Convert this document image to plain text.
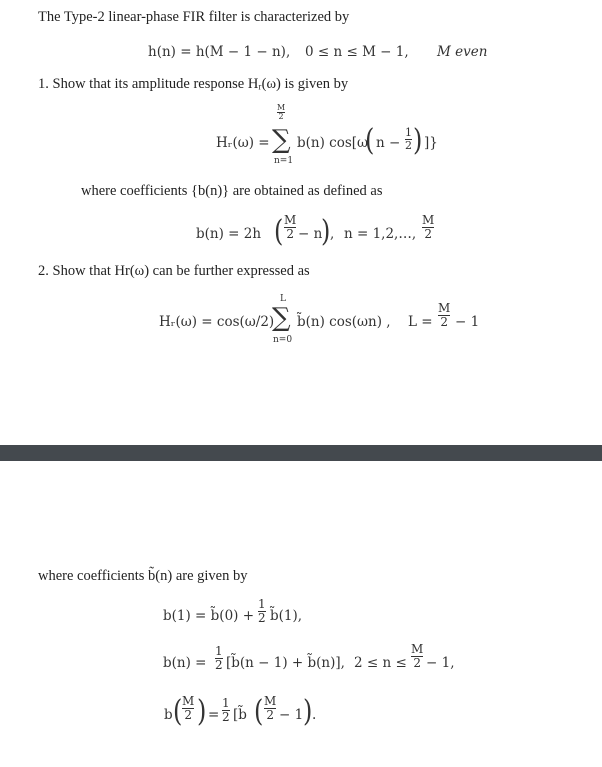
The Type-2 linear-phase FIR filter is characterized by
h(n) = h(M − 1 − n), 0 ≤ n ≤ M − 1, M even
1. Show that its amplitude response Hᵣ(ω) is given by
Hᵣ(ω) =
M
2
∑
n=1
b(n) cos[ω
( n −
1
2 ) ]}
where coefficients {b(n)} are obtained as defined as
b(n) = 2h ( M
2 − n
) , n = 1,2,…,
M
2
2. Show that Hr(ω) can be further expressed as
Hᵣ(ω) = cos(ω/2)
L
∑
n=0
b̃(n) cos(ωn) , L =
M
2 − 1
where coefficients b̃(n) are given by
b(1) = b̃(0) +
1
2 b̃(1),
b(n) =
1
2 [b̃(n − 1) + b̃(n)], 2 ≤ n ≤
M
2 − 1,
b ( M
2 ) =
1
2 [b̃ ( M
2 − 1 ) .
